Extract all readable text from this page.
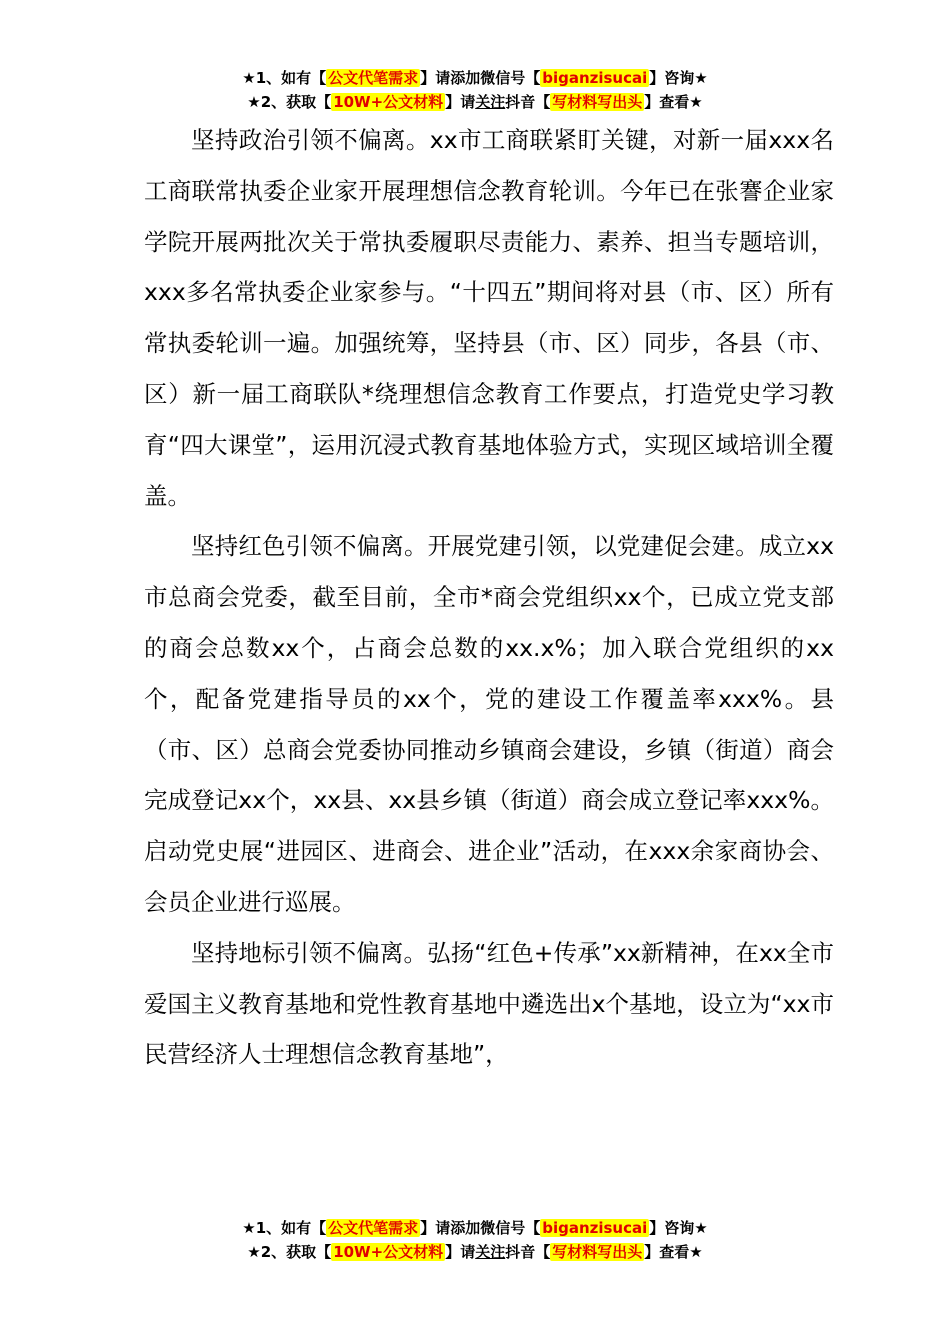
★1、如有【 公文代笔需求 】请添加微信号【 biganzisucai 】咨询★
★2、获取【 10W+公文材料 】请关注抖音【 写材料写出头 】查看★

坚持政治引领不偏离。xx市工商联紧盯关键，对新一届xxx名工商联常执委企业家开展理想信念教育轮训。今年已在张謇企业家学院开展两批次关于常执委履职尽责能力、素养、担当专题培训，xxx多名常执委企业家参与。“十四五”期间将对县（市、区）所有常执委轮训一遍。加强统筹，坚持县（市、区）同步，各县（市、区）新一届工商联队*绕理想信念教育工作要点，打造党史学习教育“四大课堂”，运用沉浸式教育基地体验方式，实现区域培训全覆盖。

坚持红色引领不偏离。开展党建引领，以党建促会建。成立xx市总商会党委，截至目前，全市*商会党组织xx个，已成立党支部的商会总数xx个，占商会总数的xx.x%；加入联合党组织的xx个，配备党建指导员的xx个，党的建设工作覆盖率xxx%。县（市、区）总商会党委协同推动乡镇商会建设，乡镇（街道）商会完成登记xx个，xx县、xx县乡镇（街道）商会成立登记率xxx%。启动党史展“进园区、进商会、进企业”活动，在xxx余家商协会、会员企业进行巡展。

坚持地标引领不偏离。弘扬“红色+传承”xx新精神，在xx全市爱国主义教育基地和党性教育基地中遴选出x个基地，设立为“xx市民营经济人士理想信念教育基地”，

★1、如有【 公文代笔需求 】请添加微信号【 biganzisucai 】咨询★
★2、获取【 10W+公文材料 】请关注抖音【 写材料写出头 】查看★
